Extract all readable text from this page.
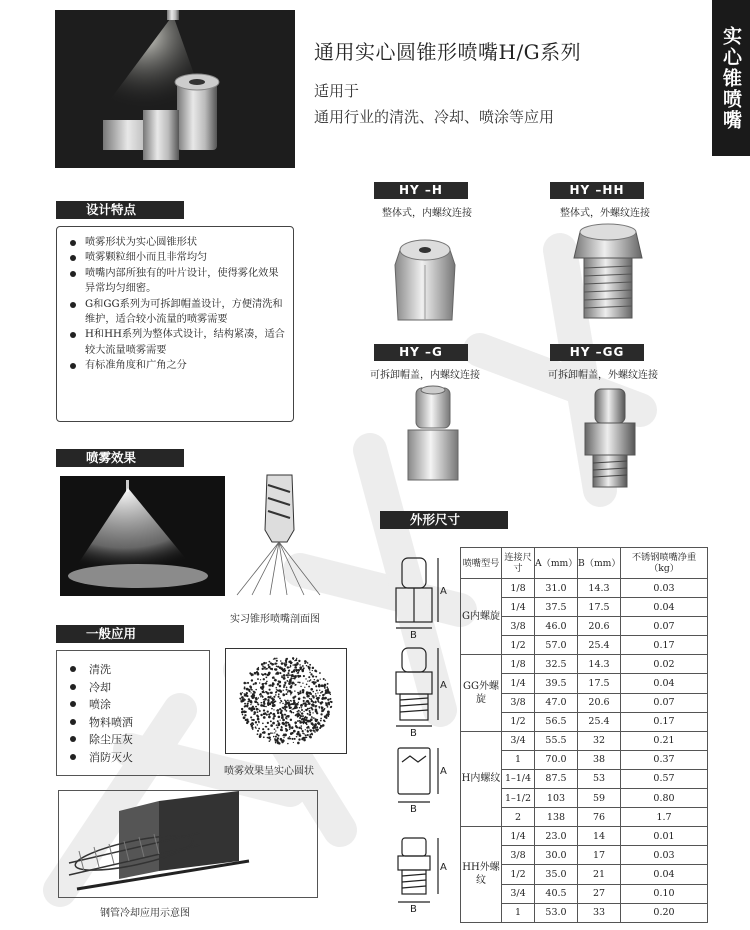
通用实心圆锥形喷嘴H/G系列
适用于
通用行业的清洗、冷却、喷涂等应用	实心锥喷嘴
设计特点
喷雾形状为实心圆锥形状
喷雾颗粒细小而且非常均匀
喷嘴内部所独有的叶片设计，使得雾化效果异常均匀细密。
G和GG系列为可拆卸帽盖设计，方便清洗和维护，适合较小流量的喷雾需要
H和HH系列为整体式设计，结构紧凑，适合较大流量喷雾需要
有标准角度和广角之分
喷雾效果
实习锥形喷嘴剖面图
一般应用
清洗
冷却
喷涂
物料喷洒
除尘压灰
消防灭火
喷雾效果呈实心圆状
钢管冷却应用示意图
HY –H
整体式，内螺纹连接
HY –HH
整体式，外螺纹连接
HY –G
可拆卸帽盖，内螺纹连接
HY –GG
可拆卸帽盖，外螺纹连接
外形尺寸
A
B
A
B
A
B
A
B
喷嘴型号	连接尺寸	A（mm）	B（mm）	不锈钢喷嘴净重（kg）
G内螺旋	1/8	31.0	14.3	0.03
	1/4	37.5	17.5	0.04
	3/8	46.0	20.6	0.07
	1/2	57.0	25.4	0.17
GG外螺旋	1/8	32.5	14.3	0.02
	1/4	39.5	17.5	0.04
	3/8	47.0	20.6	0.07
	1/2	56.5	25.4	0.17
H内螺纹	3/4	55.5	32	0.21
	1	70.0	38	0.37
	1–1/4	87.5	53	0.57
	1–1/2	103	59	0.80
	2	138	76	1.7
HH外螺纹	1/4	23.0	14	0.01
	3/8	30.0	17	0.03
	1/2	35.0	21	0.04
	3/4	40.5	27	0.10
	1	53.0	33	0.20
